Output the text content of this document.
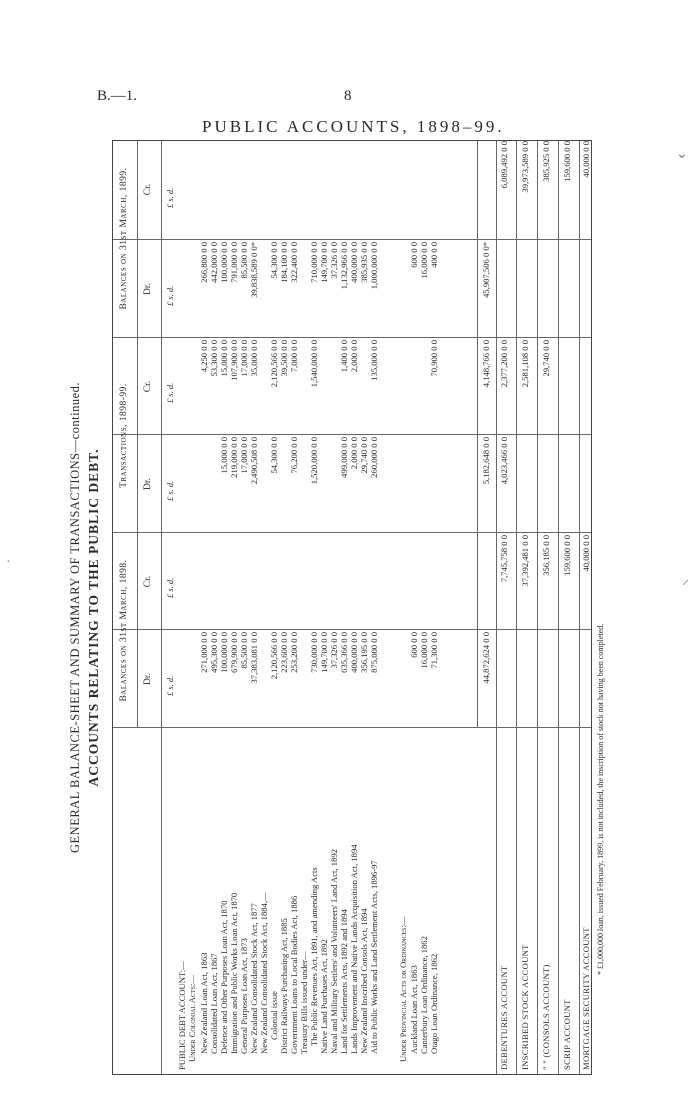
B.—1.	8
PUBLIC ACCOUNTS, 1898–99.
⌄
·
⸝
GENERAL BALANCE-SHEET AND SUMMARY OF TRANSACTIONS—continued. ACCOUNTS RELATING TO THE PUBLIC DEBT. Balances on 31st March, 1898.
Transactions, 1898-99.
Balances on 31st March, 1899.
Dr.
Cr.
Dr.
Cr.
Dr.
Cr.
£ s. d.
£ s. d.
£ s. d.
£ s. d.
£ s. d.
£ s. d.
PUBLIC DEBT ACCOUNT:— Under Colonial Acts:—	Under Provincial Acts or Ordinances:—
New Zealand Loan Act, 1863
271,000 0 0
4,250 0 0
266,800 0 0
Consolidated Loan Act, 1867
495,300 0 0
53,300 0 0
442,000 0 0
Defence and Other Purposes Loan Act, 1870
100,000 0 0
15,000 0 0
15,000 0 0
100,000 0 0
Immigration and Public Works Loan Act, 1870
679,900 0 0
219,000 0 0
107,900 0 0
791,000 0 0
General Purposes Loan Act, 1873
85,500 0 0
17,000 0 0
17,000 0 0
85,500 0 0
New Zealand Consolidated Stock Act, 1877
37,383,081 0 0
2,490,508 0 0
35,000 0 0
39,838,589 0 0*
New Zealand Consolidated Stock Act, 1884,— Colonial issue
2,120,566 0 0
54,300 0 0
2,120,566 0 0
54,300 0 0
District Railways Purchasing Act, 1885
223,600 0 0
39,500 0 0
184,100 0 0
Government Loans to Local Bodies Act, 1886
253,200 0 0
76,200 0 0
7,000 0 0
322,400 0 0
The Public Revenues Act, 1891, and amending Acts
730,000 0 0
1,520,000 0 0
1,540,000 0 0
710,000 0 0
Native Land Purchases Act, 1892
149,700 0 0
149,700 0 0
Naval and Military Settlers' and Volunteers' Land Act, 1892
37,326 0 0
37,326 0 0
Land for Settlements Acts, 1892 and 1894
635,366 0 0
499,000 0 0
1,400 0 0
1,132,966 0 0
Lands Improvement and Native Lands Acquisition Act, 1894
400,000 0 0
2,000 0 0
2,000 0 0
400,000 0 0
New Zealand Inscribed Consols Act, 1894
356,195 0 0
29,740 0 0
385,935 0 0
Aid to Public Works and Land Settlement Acts, 1896-97
875,000 0 0
260,000 0 0
135,000 0 0
1,000,000 0 0
Auckland Loan Act, 1863
600 0 0
600 0 0
Canterbury Loan Ordinance, 1862
16,000 0 0
16,000 0 0
Otago Loan Ordinance, 1862
71,300 0 0
70,900 0 0
400 0 0
Treasury Bills issued under—
44,872,624 0 0
5,182,648 0 0
4,148,766 0 0
45,907,506 0 0*
DEBENTURES ACCOUNT
7,745,758 0 0
4,023,466 0 0
2,377,200 0 0
6,089,492 0 0
INSCRIBED STOCK ACCOUNT
37,392,481 0 0
2,581,108 0 0
39,973,589 0 0
" " (CONSOLS ACCOUNT)
356,185 0 0
29,740 0 0
385,925 0 0
SCRIP ACCOUNT
159,600 0 0
159,600 0 0
MORTGAGE SECURITY ACCOUNT
40,000 0 0
40,000 0 0
* £1,000,000 loan, issued February, 1899, is not included, the inscription of stock not having been completed.
